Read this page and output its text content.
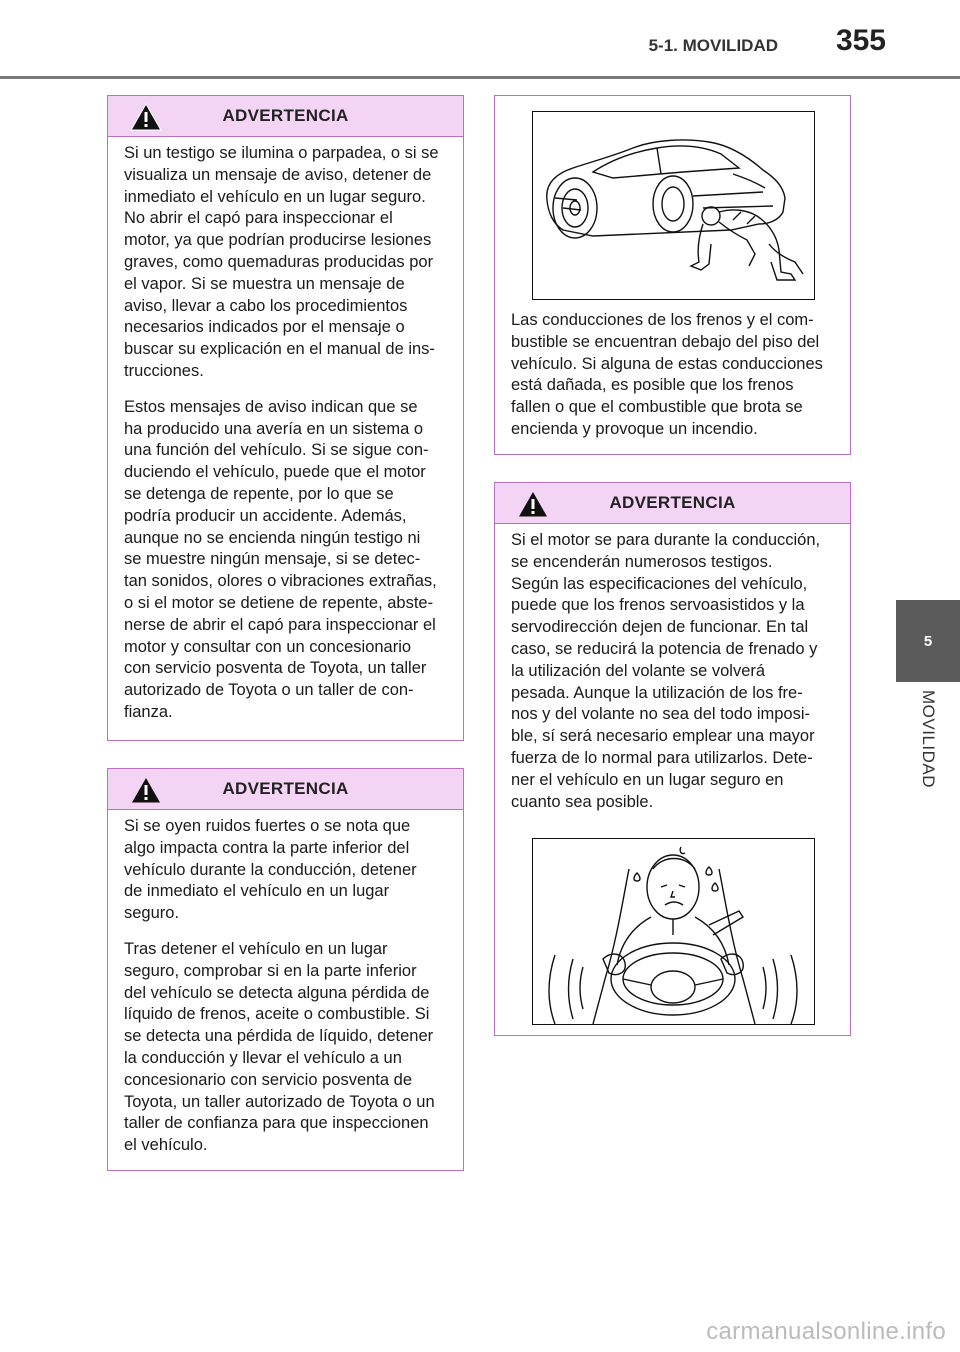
5-1. MOVILIDAD 355
5
MOVILIDAD
ADVERTENCIA

Si un testigo se ilumina o parpadea, o si se
visualiza un mensaje de aviso, detener de
inmediato el vehículo en un lugar seguro.
No abrir el capó para inspeccionar el
motor, ya que podrían producirse lesiones
graves, como quemaduras producidas por
el vapor. Si se muestra un mensaje de
aviso, llevar a cabo los procedimientos
necesarios indicados por el mensaje o
buscar su explicación en el manual de ins-
trucciones.

Estos mensajes de aviso indican que se
ha producido una avería en un sistema o
una función del vehículo. Si se sigue con-
duciendo el vehículo, puede que el motor
se detenga de repente, por lo que se
podría producir un accidente. Además,
aunque no se encienda ningún testigo ni
se muestre ningún mensaje, si se detec-
tan sonidos, olores o vibraciones extrañas,
o si el motor se detiene de repente, abste-
nerse de abrir el capó para inspeccionar el
motor y consultar con un concesionario
con servicio posventa de Toyota, un taller
autorizado de Toyota o un taller de con-
fianza.

ADVERTENCIA

Si se oyen ruidos fuertes o se nota que
algo impacta contra la parte inferior del
vehículo durante la conducción, detener
de inmediato el vehículo en un lugar
seguro.

Tras detener el vehículo en un lugar
seguro, comprobar si en la parte inferior
del vehículo se detecta alguna pérdida de
líquido de frenos, aceite o combustible. Si
se detecta una pérdida de líquido, detener
la conducción y llevar el vehículo a un
concesionario con servicio posventa de
Toyota, un taller autorizado de Toyota o un
taller de confianza para que inspeccionen
el vehículo.

Las conducciones de los frenos y el com-
bustible se encuentran debajo del piso del
vehículo. Si alguna de estas conducciones
está dañada, es posible que los frenos
fallen o que el combustible que brota se
encienda y provoque un incendio.
ADVERTENCIA
Si el motor se para durante la conducción,
se encenderán numerosos testigos.
Según las especificaciones del vehículo,
puede que los frenos servoasistidos y la
servodirección dejen de funcionar. En tal
caso, se reducirá la potencia de frenado y
la utilización del volante se volverá
pesada. Aunque la utilización de los fre-
nos y del volante no sea del todo imposi-
ble, sí será necesario emplear una mayor
fuerza de lo normal para utilizarlos. Dete-
ner el vehículo en un lugar seguro en
cuanto sea posible.
carmanualsonline.info
